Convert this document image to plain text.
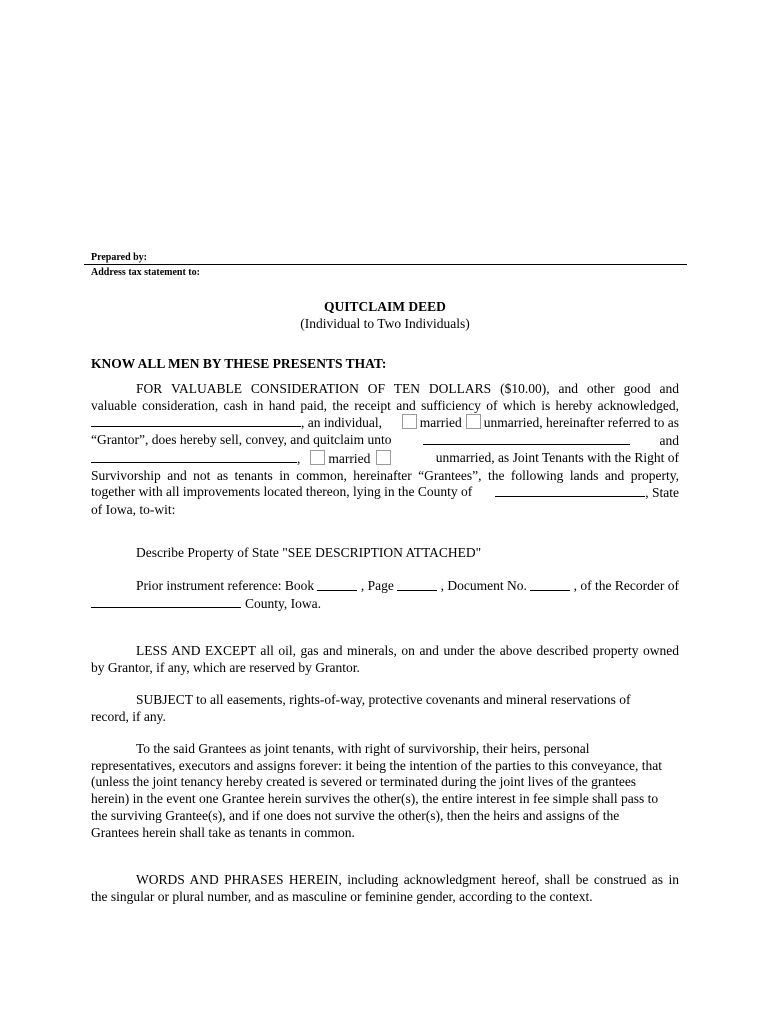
Prepared by:
Address tax statement to:
QUITCLAIM DEED
(Individual to Two Individuals)
KNOW ALL MEN BY THESE PRESENTS THAT:
FOR VALUABLE CONSIDERATION OF TEN DOLLARS ($10.00), and other good and
valuable consideration, cash in hand paid, the receipt and sufficiency of which is hereby acknowledged,
, an individual,	married unmarried, hereinafter referred to as
“Grantor”, does hereby sell, convey, and quitclaim unto	and
, married	unmarried, as Joint Tenants with the Right of
Survivorship and not as tenants in common, hereinafter “Grantees”, the following lands and property,
together with all improvements located thereon, lying in the County of	, State
of Iowa, to-wit:
Describe Property of State "SEE DESCRIPTION ATTACHED"
Prior instrument reference: Book	, Page	, Document No.	, of the Recorder of
County, Iowa.
LESS AND EXCEPT all oil, gas and minerals, on and under the above described property owned
by Grantor, if any, which are reserved by Grantor.
SUBJECT to all easements, rights-of-way, protective covenants and mineral reservations of
record, if any.
To the said Grantees as joint tenants, with right of survivorship, their heirs, personal
representatives, executors and assigns forever: it being the intention of the parties to this conveyance, that
(unless the joint tenancy hereby created is severed or terminated during the joint lives of the grantees
herein) in the event one Grantee herein survives the other(s), the entire interest in fee simple shall pass to
the surviving Grantee(s), and if one does not survive the other(s), then the heirs and assigns of the
Grantees herein shall take as tenants in common.
WORDS AND PHRASES HEREIN, including acknowledgment hereof, shall be construed as in
the singular or plural number, and as masculine or feminine gender, according to the context.
